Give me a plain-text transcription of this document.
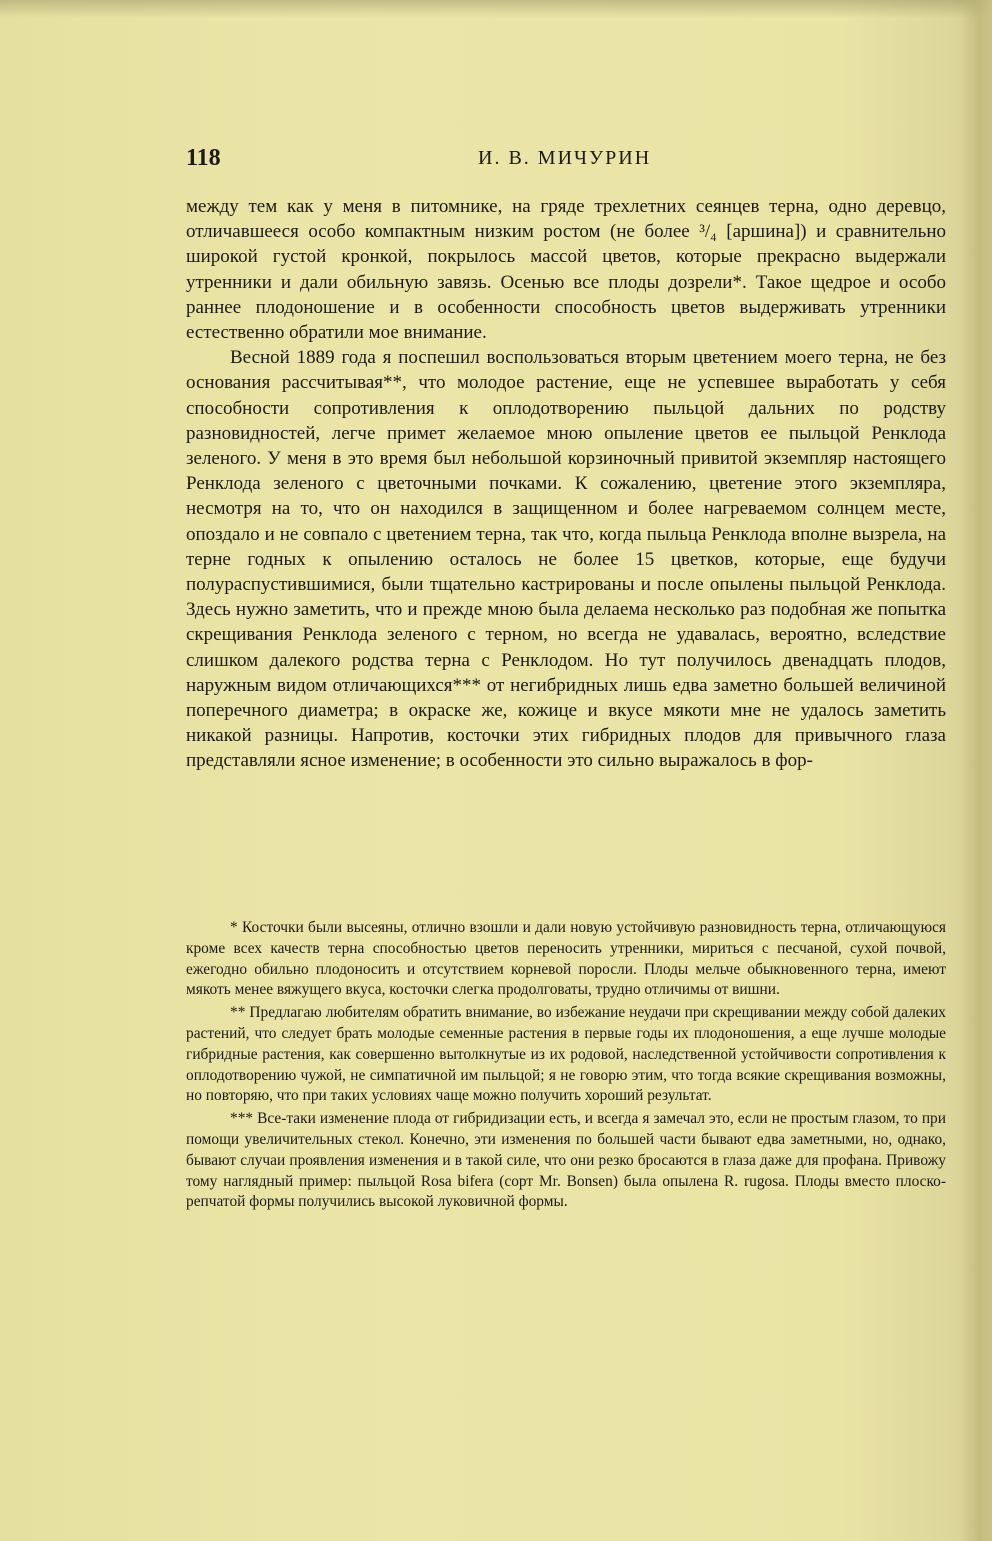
118	И. В. МИЧУРИН

между тем как у меня в питомнике, на гряде трехлетних сеянцев терна, одно деревцо, отличавшееся особо компактным низким ростом (не более ³/₄ [аршина]) и сравнительно широкой густой кронкой, покрылось массой цветов, которые прекрасно выдержали утренники и дали обильную завязь. Осенью все плоды дозрели*. Такое щедрое и особо раннее плодоношение и в особенности способность цветов выдерживать утренники естественно обратили мое внимание.

Весной 1889 года я поспешил воспользоваться вторым цветением моего терна, не без основания рассчитывая**, что молодое растение, еще не успевшее выработать у себя способности сопротивления к оплодотворению пыльцой дальних по родству разновидностей, легче примет желаемое мною опыление цветов ее пыльцой Ренклода зеленого. У меня в это время был небольшой корзиночный привитой экземпляр настоящего Ренклода зеленого с цветочными почками. К сожалению, цветение этого экземпляра, несмотря на то, что он находился в защищенном и более нагреваемом солнцем месте, опоздало и не совпало с цветением терна, так что, когда пыльца Ренклода вполне вызрела, на терне годных к опылению осталось не более 15 цветков, которые, еще будучи полураспустившимися, были тщательно кастрированы и после опылены пыльцой Ренклода. Здесь нужно заметить, что и прежде мною была делаема несколько раз подобная же попытка скрещивания Ренклода зеленого с терном, но всегда не удавалась, вероятно, вследствие слишком далекого родства терна с Ренклодом. Но тут получилось двенадцать плодов, наружным видом отличающихся*** от негибридных лишь едва заметно большей величиной поперечного диаметра; в окраске же, кожице и вкусе мякоти мне не удалось заметить никакой разницы. Напротив, косточки этих гибридных плодов для привычного глаза представляли ясное изменение; в особенности это сильно выражалось в фор-

* Косточки были высеяны, отлично взошли и дали новую устойчивую разновидность терна, отличающуюся кроме всех качеств терна способностью цветов переносить утренники, мириться с песчаной, сухой почвой, ежегодно обильно плодоносить и отсутствием корневой поросли. Плоды мельче обыкновенного терна, имеют мякоть менее вяжущего вкуса, косточки слегка продолговаты, трудно отличимы от вишни.

** Предлагаю любителям обратить внимание, во избежание неудачи при скрещивании между собой далеких растений, что следует брать молодые семенные растения в первые годы их плодоношения, а еще лучше молодые гибридные растения, как совершенно вытолкнутые из их родовой, наследственной устойчивости сопротивления к оплодотворению чужой, не симпатичной им пыльцой; я не говорю этим, что тогда всякие скрещивания возможны, но повторяю, что при таких условиях чаще можно получить хороший результат.

*** Все-таки изменение плода от гибридизации есть, и всегда я замечал это, если не простым глазом, то при помощи увеличительных стекол. Конечно, эти изменения по большей части бывают едва заметными, но, однако, бывают случаи проявления изменения и в такой силе, что они резко бросаются в глаза даже для профана. Привожу тому наглядный пример: пыльцой Rosa bifera (сорт Mr. Bonsen) была опылена R. rugosa. Плоды вместо плоско-репчатой формы получились высокой луковичной формы.
